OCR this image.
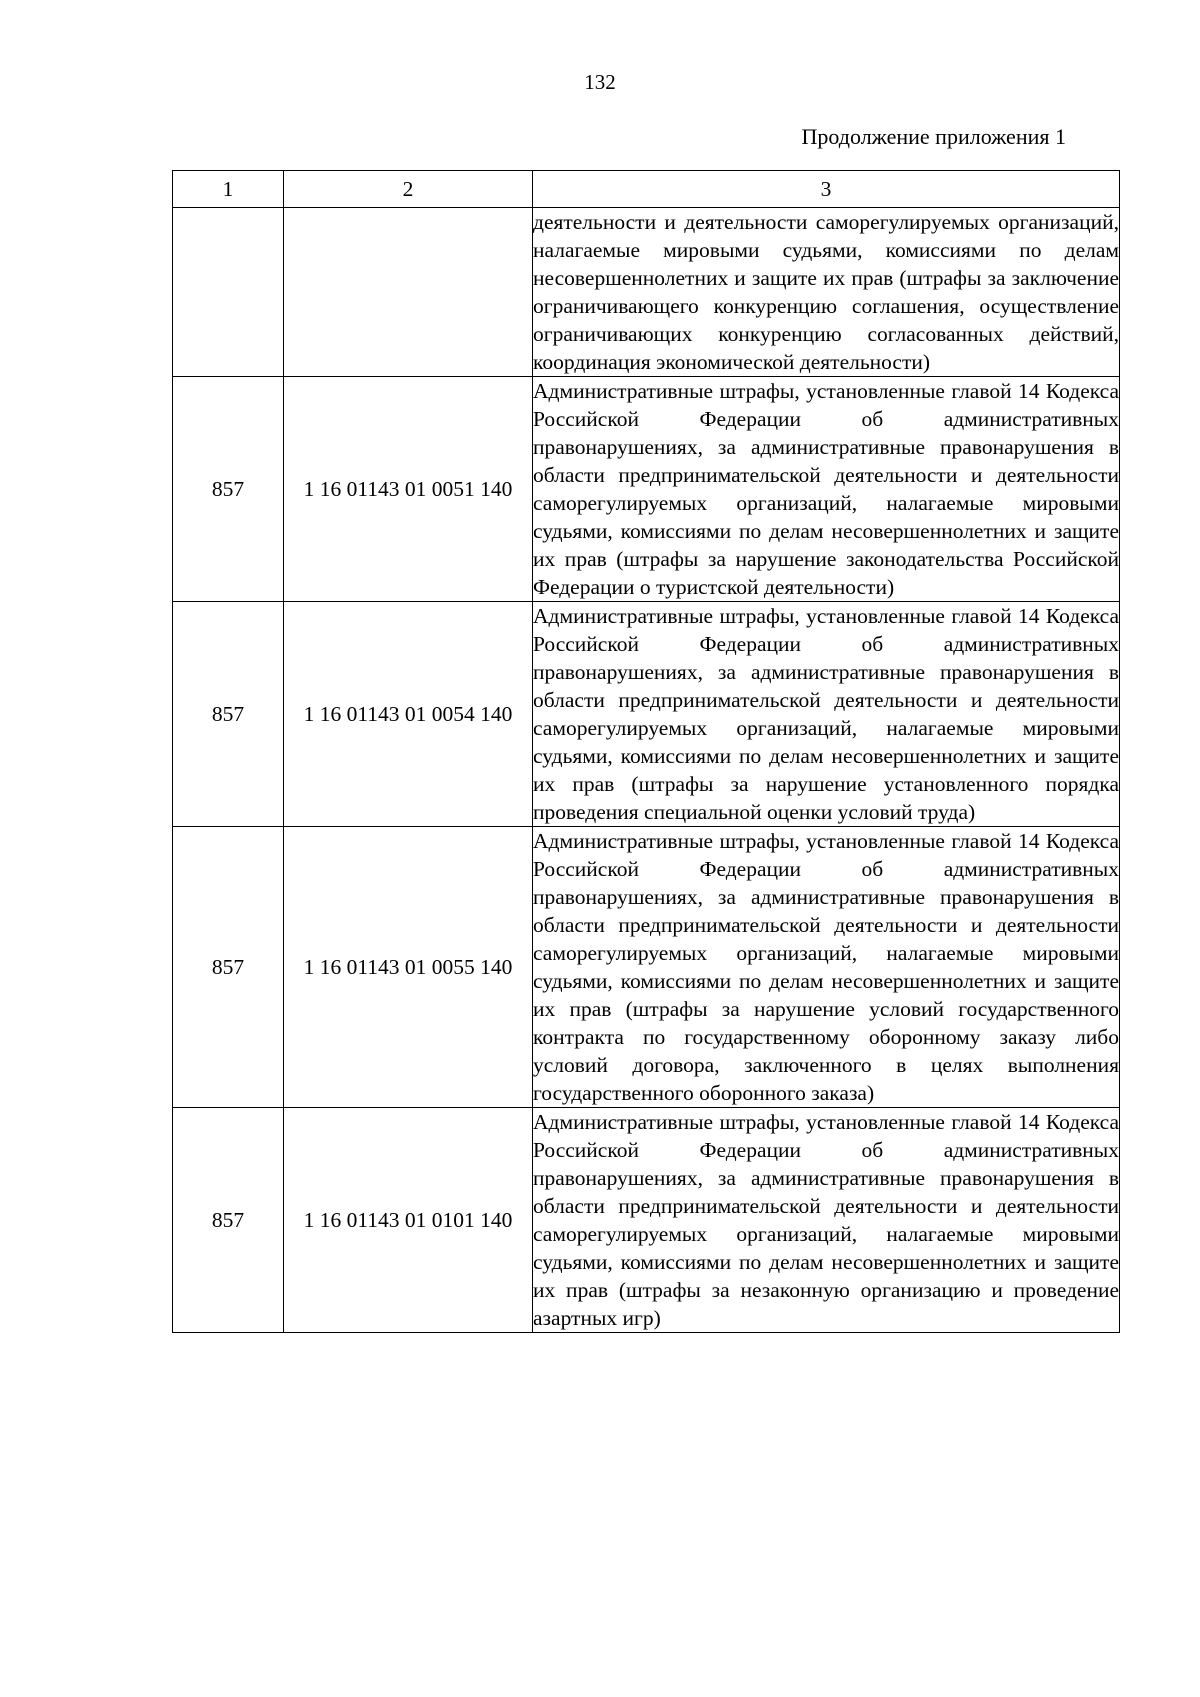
132
Продолжение приложения 1
1	2	3
		деятельности и деятельности саморегулируемых организаций, налагаемые мировыми судьями, комиссиями по делам несовершеннолетних и защите их прав (штрафы за заключение ограничивающего конкуренцию соглашения, осуществление ограничивающих конкуренцию согласованных действий, координация экономической деятельности)
857	1 16 01143 01 0051 140	Административные штрафы, установленные главой 14 Кодекса Российской Федерации об административных правонарушениях, за административные правонарушения в области предпринимательской деятельности и деятельности саморегулируемых организаций, налагаемые мировыми судьями, комиссиями по делам несовершеннолетних и защите их прав (штрафы за нарушение законодательства Российской Федерации о туристской деятельности)
857	1 16 01143 01 0054 140	Административные штрафы, установленные главой 14 Кодекса Российской Федерации об административных правонарушениях, за административные правонарушения в области предпринимательской деятельности и деятельности саморегулируемых организаций, налагаемые мировыми судьями, комиссиями по делам несовершеннолетних и защите их прав (штрафы за нарушение установленного порядка проведения специальной оценки условий труда)
857	1 16 01143 01 0055 140	Административные штрафы, установленные главой 14 Кодекса Российской Федерации об административных правонарушениях, за административные правонарушения в области предпринимательской деятельности и деятельности саморегулируемых организаций, налагаемые мировыми судьями, комиссиями по делам несовершеннолетних и защите их прав (штрафы за нарушение условий государственного контракта по государственному оборонному заказу либо условий договора, заключенного в целях выполнения государственного оборонного заказа)
857	1 16 01143 01 0101 140	Административные штрафы, установленные главой 14 Кодекса Российской Федерации об административных правонарушениях, за административные правонарушения в области предпринимательской деятельности и деятельности саморегулируемых организаций, налагаемые мировыми судьями, комиссиями по делам несовершеннолетних и защите их прав (штрафы за незаконную организацию и проведение азартных игр)
